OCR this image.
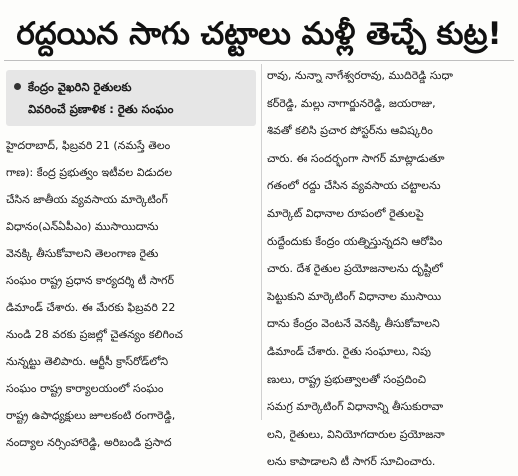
రద్దయిన సాగు చట్టాలు మళ్లీ తెచ్చే కుట్ర!
కేంద్రం వైఖరిని రైతులకు
వివరించే ప్రణాళిక : రైతు సంఘం
హైదరాబాద్, ఫిబ్రవరి 21 (నమస్తే తెలం
గాణ): కేంద్ర ప్రభుత్వం ఇటీవల విడుదల
చేసిన జాతీయ వ్యవసాయ మార్కెటింగ్
విధానం(ఎన్ఏపీఎం) ముసాయిదాను
వెనక్కి తీసుకోవాలని తెలంగాణ రైతు
సంఘం రాష్ట్ర ప్రధాన కార్యదర్శి టీ సాగర్
డిమాండ్ చేశారు. ఈ మేరకు ఫిబ్రవరి 22
నుండి 28 వరకు ప్రజల్లో చైతన్యం కలిగించ
నున్నట్టు తెలిపారు. ఆర్టీసీ క్రాస్‌రోడ్‌లోని
సంఘం రాష్ట్ర కార్యాలయంలో సంఘం
రాష్ట్ర ఉపాధ్యక్షులు జూలకంటి రంగారెడ్డి,
నంద్యాల నర్సింహారెడ్డి, అరిబండి ప్రసాద
రావు, నున్నా నాగేశ్వరరావు, ముదిరెడ్డి సుధా
కర్‌రెడ్డి, మల్లు నాగార్జునరెడ్డి, జయరాజు,
శివతో కలిసి ప్రచార పోస్టర్‌ను ఆవిష్కరిం
చారు. ఈ సందర్భంగా సాగర్ మాట్లాడుతూ
గతంలో రద్దు చేసిన వ్యవసాయ చట్టాలను
మార్కెట్ విధానాల రూపంలో రైతులపై
రుద్దేందుకు కేంద్రం యత్నిస్తున్నదని ఆరోపిం
చారు. దేశ రైతుల ప్రయోజనాలను దృష్టిలో
పెట్టుకుని మార్కెటింగ్ విధానాల ముసాయి
దాను కేంద్రం వెంటనే వెనక్కి తీసుకోవాలని
డిమాండ్ చేశారు. రైతు సంఘాలు, నిపు
ణులు, రాష్ట్ర ప్రభుత్వాలతో సంప్రదించి
సమగ్ర మార్కెటింగ్ విధానాన్ని తీసుకురావా
లని, రైతులు, వినియోగదారుల ప్రయోజనా
లను కాపాడాలని టీ సాగర్ సూచించారు.
